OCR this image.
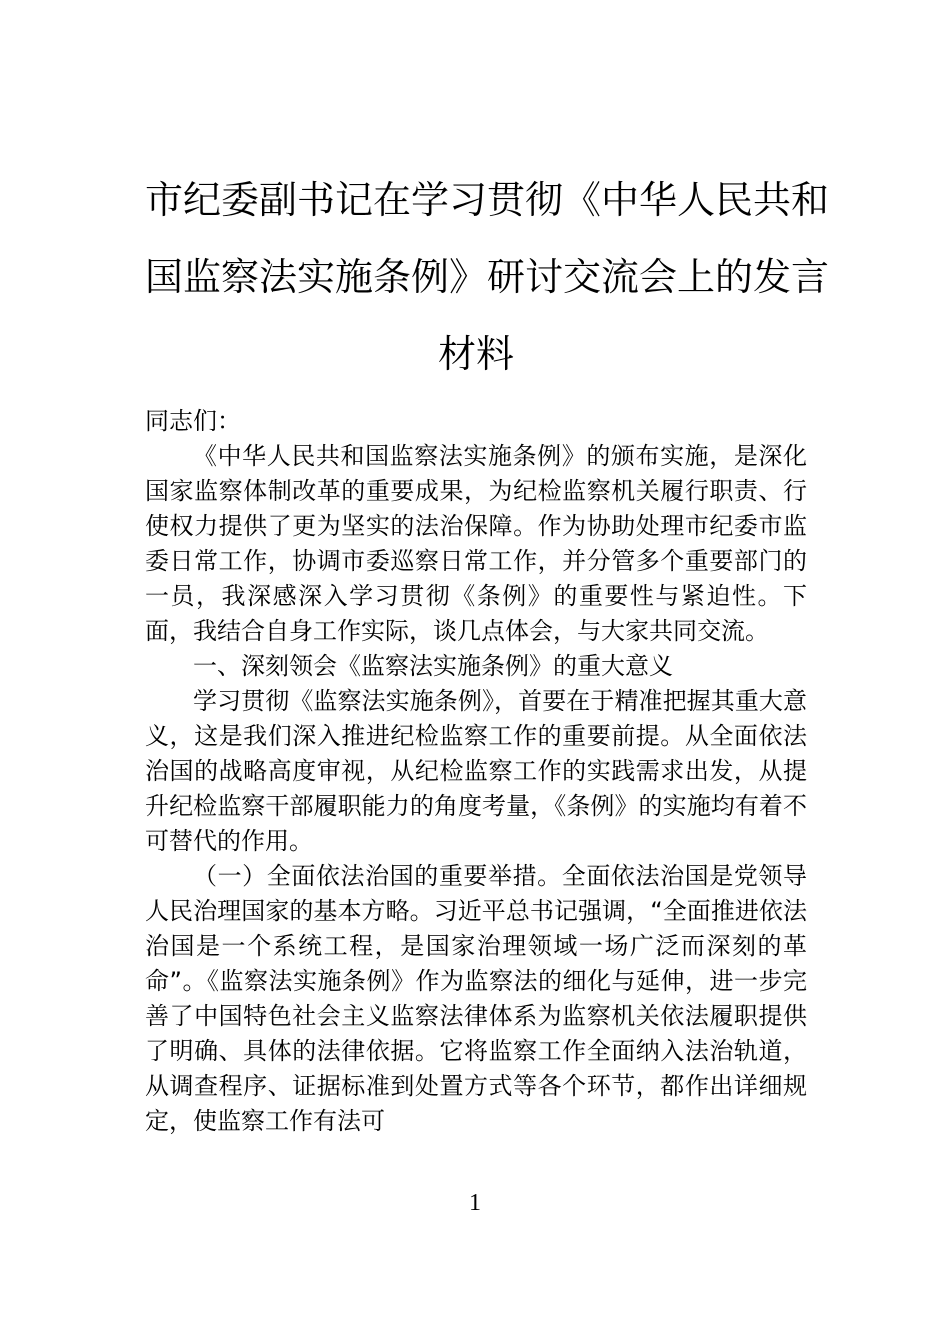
市纪委副书记在学习贯彻《中华人民共和
国监察法实施条例》研讨交流会上的发言
材料

同志们：

《中华人民共和国监察法实施条例》的颁布实施，是深化国家监察体制改革的重要成果，为纪检监察机关履行职责、行使权力提供了更为坚实的法治保障。作为协助处理市纪委市监委日常工作，协调市委巡察日常工作，并分管多个重要部门的一员，我深感深入学习贯彻《条例》的重要性与紧迫性。下面，我结合自身工作实际，谈几点体会，与大家共同交流。

一、深刻领会《监察法实施条例》的重大意义

学习贯彻《监察法实施条例》，首要在于精准把握其重大意义，这是我们深入推进纪检监察工作的重要前提。从全面依法治国的战略高度审视，从纪检监察工作的实践需求出发，从提升纪检监察干部履职能力的角度考量，《条例》的实施均有着不可替代的作用。

（一）全面依法治国的重要举措。全面依法治国是党领导人民治理国家的基本方略。习近平总书记强调，“全面推进依法治国是一个系统工程，是国家治理领域一场广泛而深刻的革命”。《监察法实施条例》作为监察法的细化与延伸，进一步完善了中国特色社会主义监察法律体系为监察机关依法履职提供了明确、具体的法律依据。它将监察工作全面纳入法治轨道，从调查程序、证据标准到处置方式等各个环节，都作出详细规定，使监察工作有法可

1
